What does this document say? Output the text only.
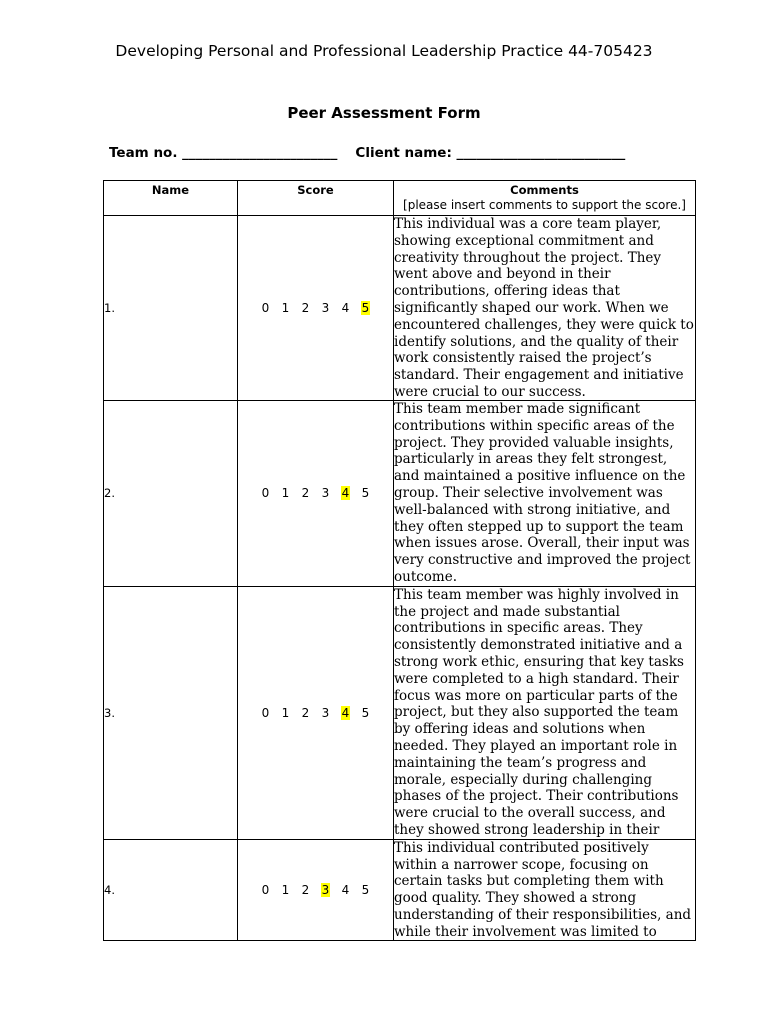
Developing Personal and Professional Leadership Practice 44-705423
Peer Assessment Form
Team no. _______________________ Client name: _________________________
Name	Score	Comments
[please insert comments to support the score.]

1.	0 1 2 3 4 5	This individual was a core team player, showing exceptional commitment and creativity throughout the project. They went above and beyond in their contributions, offering ideas that significantly shaped our work. When we encountered challenges, they were quick to identify solutions, and the quality of their work consistently raised the project’s standard. Their engagement and initiative were crucial to our success.

2.	0 1 2 3 4 5	This team member made significant contributions within specific areas of the project. They provided valuable insights, particularly in areas they felt strongest, and maintained a positive influence on the group. Their selective involvement was well-balanced with strong initiative, and they often stepped up to support the team when issues arose. Overall, their input was very constructive and improved the project outcome.

3.	0 1 2 3 4 5	This team member was highly involved in the project and made substantial contributions in specific areas. They consistently demonstrated initiative and a strong work ethic, ensuring that key tasks were completed to a high standard. Their focus was more on particular parts of the project, but they also supported the team by offering ideas and solutions when needed. They played an important role in maintaining the team’s progress and morale, especially during challenging phases of the project. Their contributions were crucial to the overall success, and they showed strong leadership in their

4.	0 1 2 3 4 5	This individual contributed positively within a narrower scope, focusing on certain tasks but completing them with good quality. They showed a strong understanding of their responsibilities, and while their involvement was limited to
